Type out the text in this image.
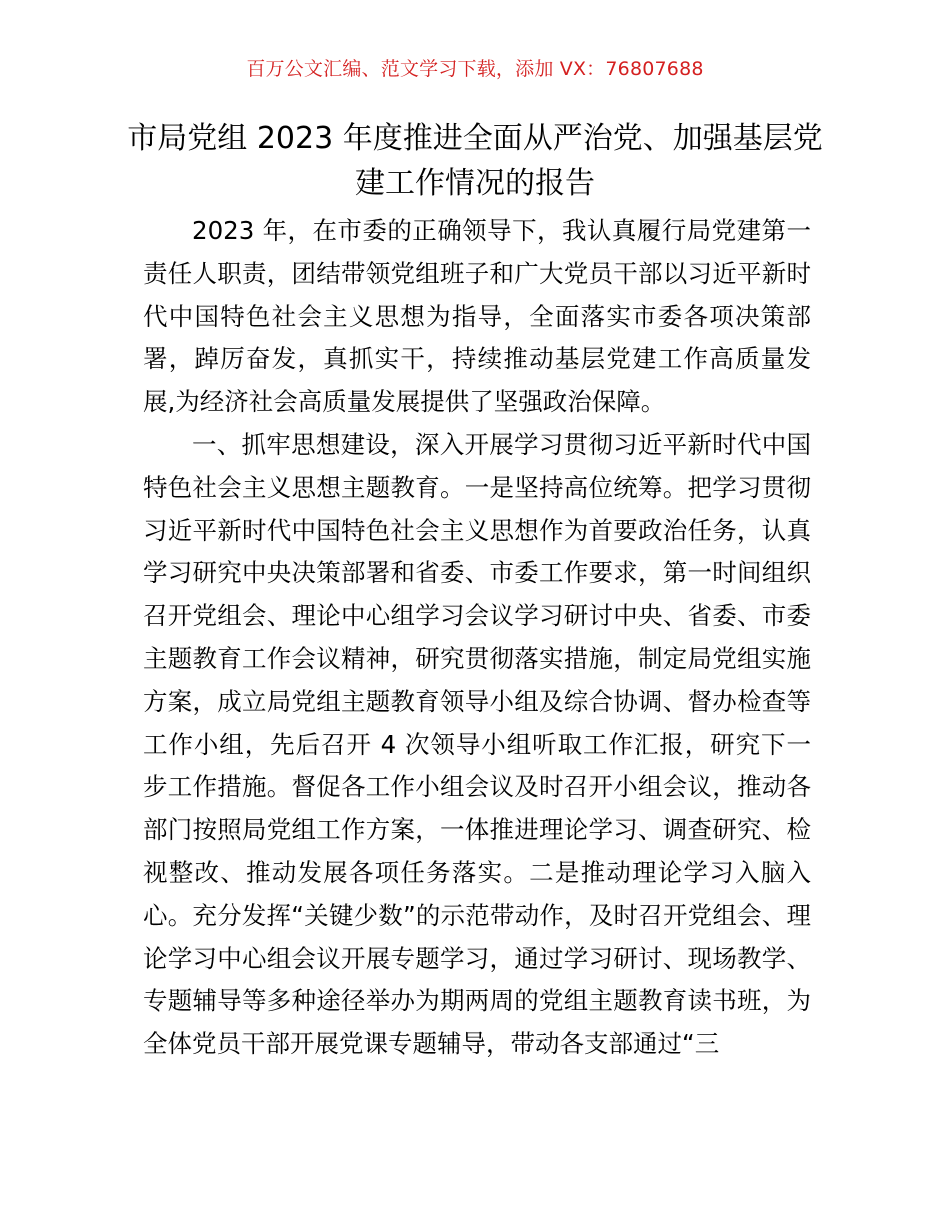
百万公文汇编、范文学习下载，添加 VX：76807688
市局党组 2023 年度推进全面从严治党、加强基层党建工作情况的报告

2023 年，在市委的正确领导下，我认真履行局党建第一责任人职责，团结带领党组班子和广大党员干部以习近平新时代中国特色社会主义思想为指导，全面落实市委各项决策部署，踔厉奋发，真抓实干，持续推动基层党建工作高质量发展,为经济社会高质量发展提供了坚强政治保障。

一、抓牢思想建设，深入开展学习贯彻习近平新时代中国特色社会主义思想主题教育。一是坚持高位统筹。把学习贯彻习近平新时代中国特色社会主义思想作为首要政治任务，认真学习研究中央决策部署和省委、市委工作要求，第一时间组织召开党组会、理论中心组学习会议学习研讨中央、省委、市委主题教育工作会议精神，研究贯彻落实措施，制定局党组实施方案，成立局党组主题教育领导小组及综合协调、督办检查等工作小组，先后召开 4 次领导小组听取工作汇报，研究下一步工作措施。督促各工作小组会议及时召开小组会议，推动各部门按照局党组工作方案，一体推进理论学习、调查研究、检视整改、推动发展各项任务落实。二是推动理论学习入脑入心。充分发挥“关键少数”的示范带动作，及时召开党组会、理论学习中心组会议开展专题学习，通过学习研讨、现场教学、专题辅导等多种途径举办为期两周的党组主题教育读书班，为全体党员干部开展党课专题辅导，带动各支部通过“三
